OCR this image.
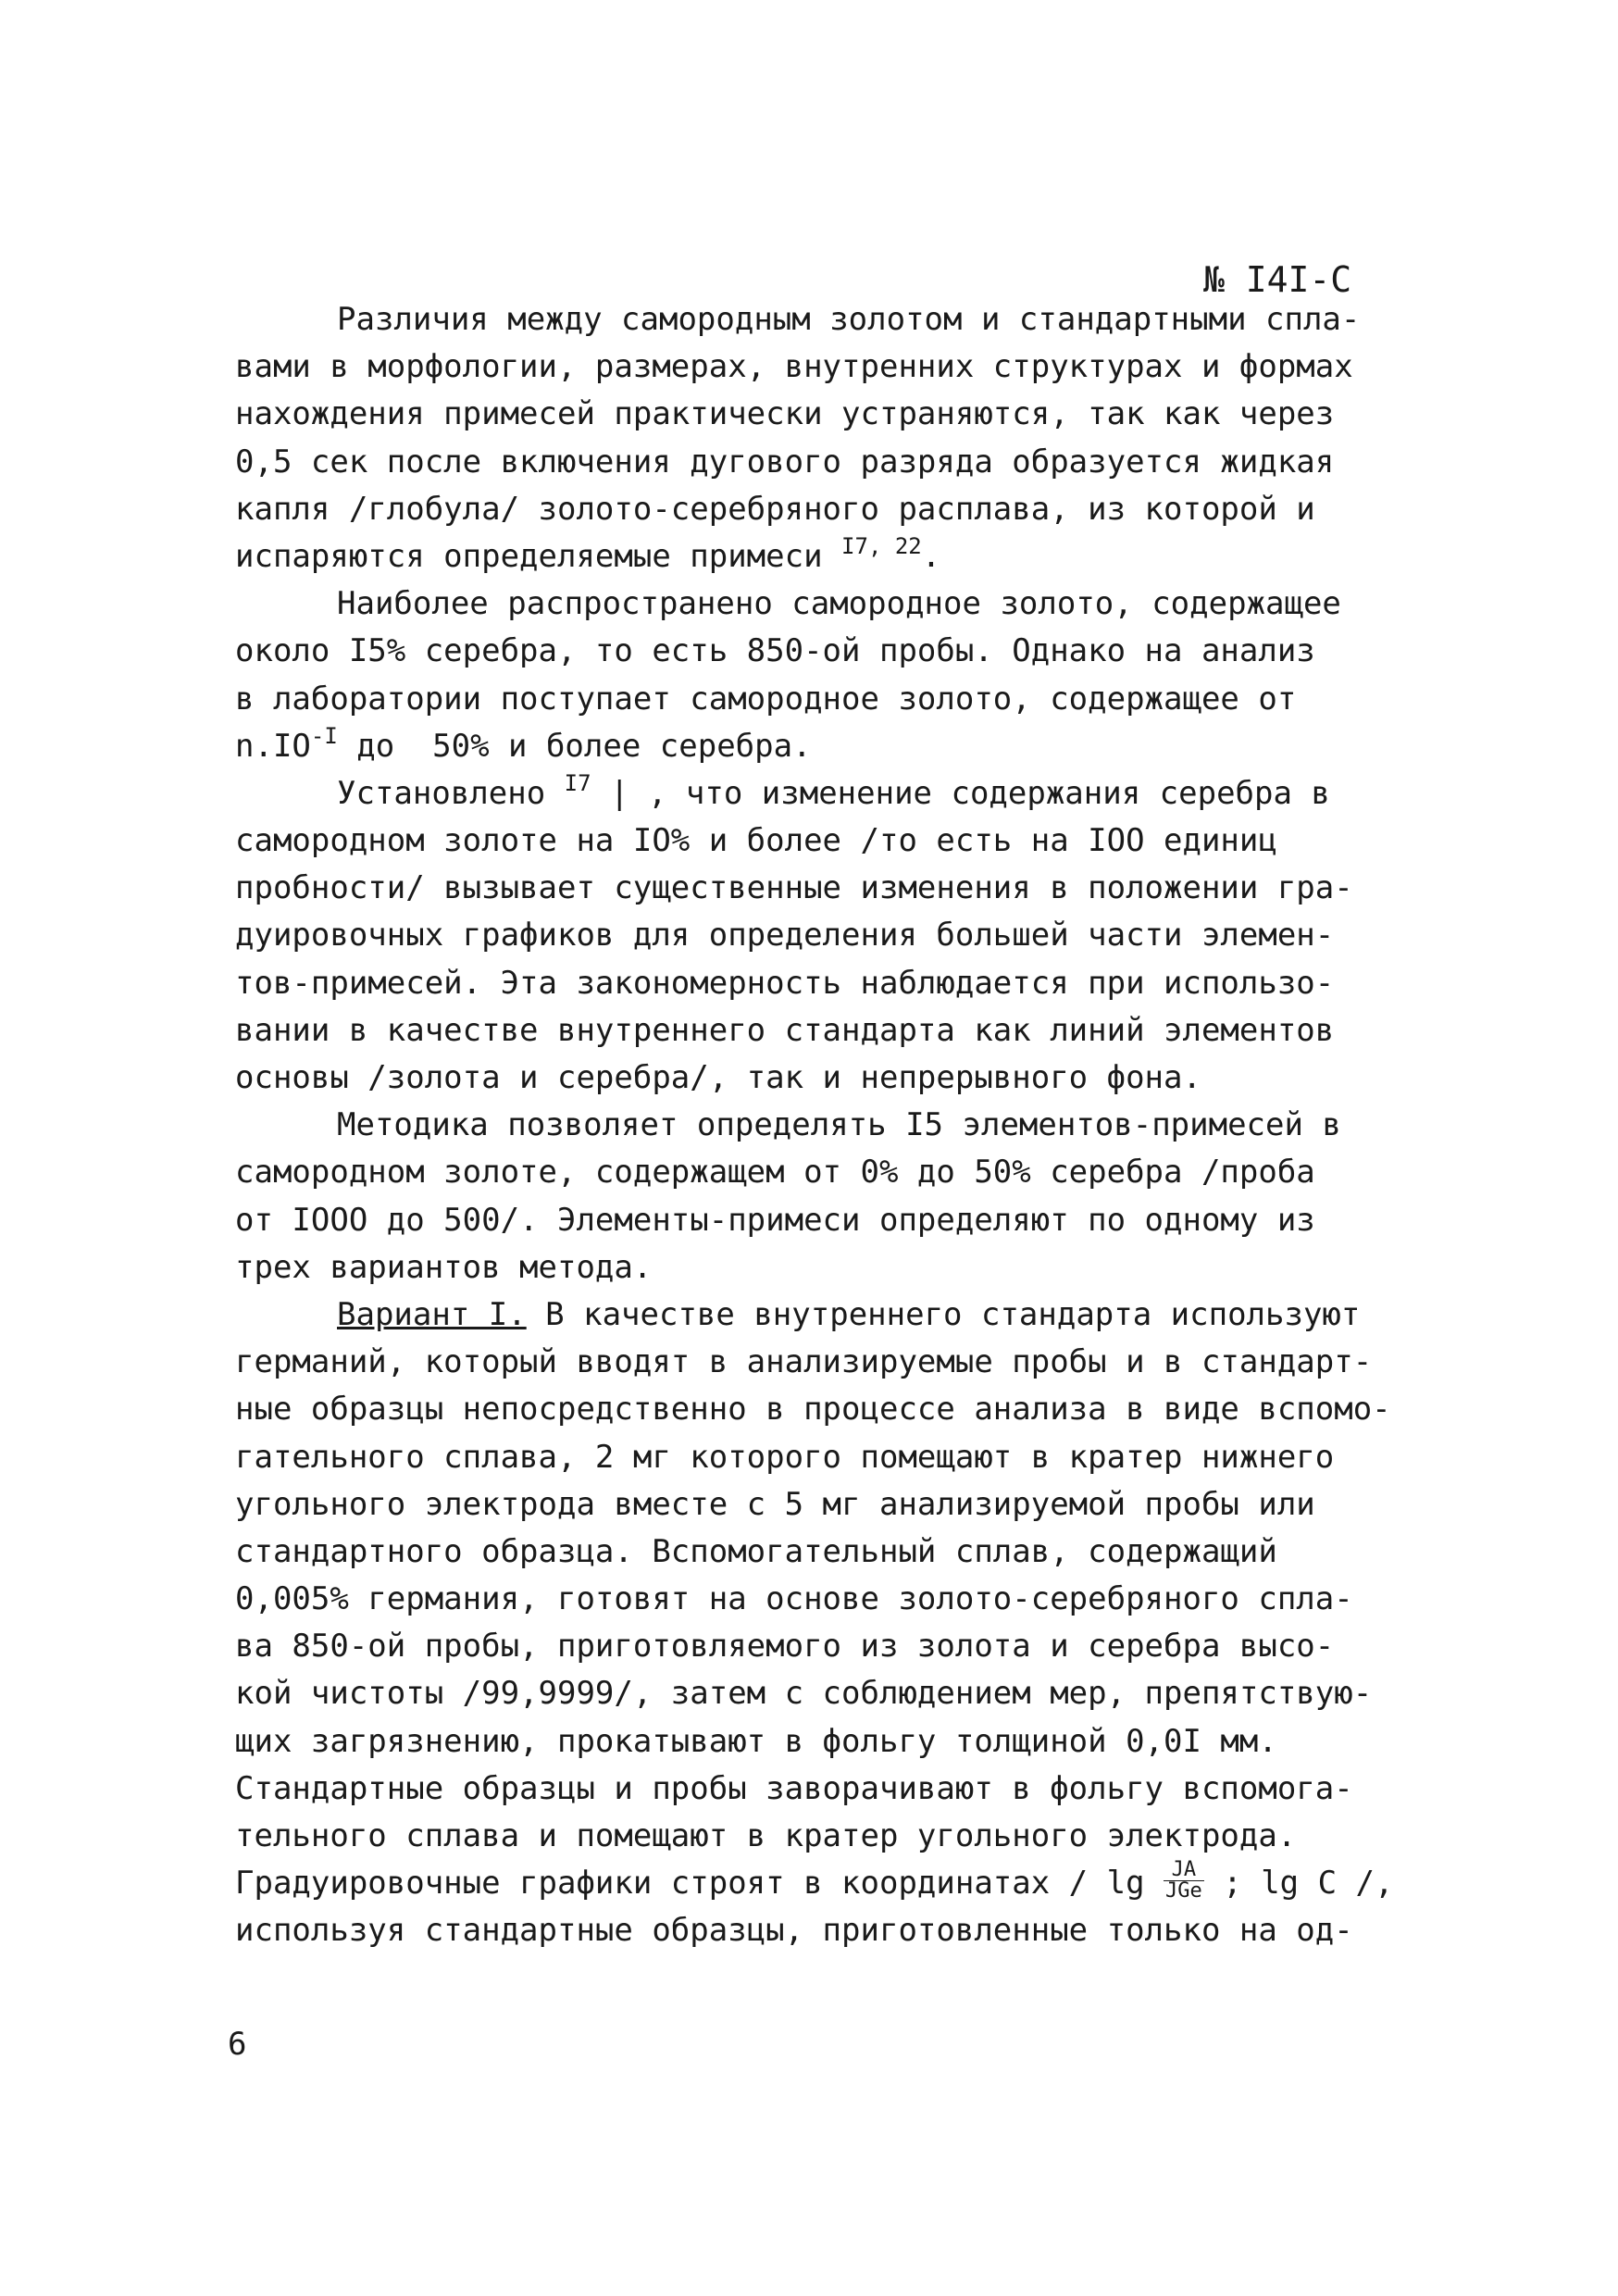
№ I4I-C
Различия между самородным золотом и стандартными спла-
вами в морфологии, размерах, внутренних структурах и формах
нахождения примесей практически устраняются, так как через
0,5 сек после включения дугового разряда образуется жидкая
капля /глобула/ золото-серебряного расплава, из которой и
испаряются определяемые примеси $^{I7, 22}$.
Наиболее распространено самородное золото, содержащее
около I5% серебра, то есть 850-ой пробы. Однако на анализ
в лаборатории поступает самородное золото, содержащее от
$n.IO^{-I}$ до  50% и более серебра.
Установлено $^{I7}$ | , что изменение содержания серебра в
самородном золоте на IO% и более /то есть на IOO единиц
пробности/ вызывает существенные изменения в положении гра-
дуировочных графиков для определения большей части элемен-
тов-примесей. Эта закономерность наблюдается при использо-
вании в качестве внутреннего стандарта как линий элементов
основы /золота и серебра/, так и непрерывного фона.
Методика позволяет определять I5 элементов-примесей в
самородном золоте, содержащем от 0% до 50% серебра /проба
от IOOO до 500/. Элементы-примеси определяют по одному из
трех вариантов метода.
Вариант I. В качестве внутреннего стандарта используют
германий, который вводят в анализируемые пробы и в стандарт-
ные образцы непосредственно в процессе анализа в виде вспомо-
гательного сплава, 2 мг которого помещают в кратер нижнего
угольного электрода вместе с 5 мг анализируемой пробы или
стандартного образца. Вспомогательный сплав, содержащий
0,005% германия, готовят на основе золото-серебряного спла-
ва 850-ой пробы, приготовляемого из золота и серебра высо-
кой чистоты /99,9999/, затем с соблюдением мер, препятствую-
щих загрязнению, прокатывают в фольгу толщиной 0,0I мм.
Стандартные образцы и пробы заворачивают в фольгу вспомога-
тельного сплава и помещают в кратер угольного электрода.
Градуировочные графики строят в координатах / lg	JA
JGe ; lg C /,
используя стандартные образцы, приготовленные только на од-
6
